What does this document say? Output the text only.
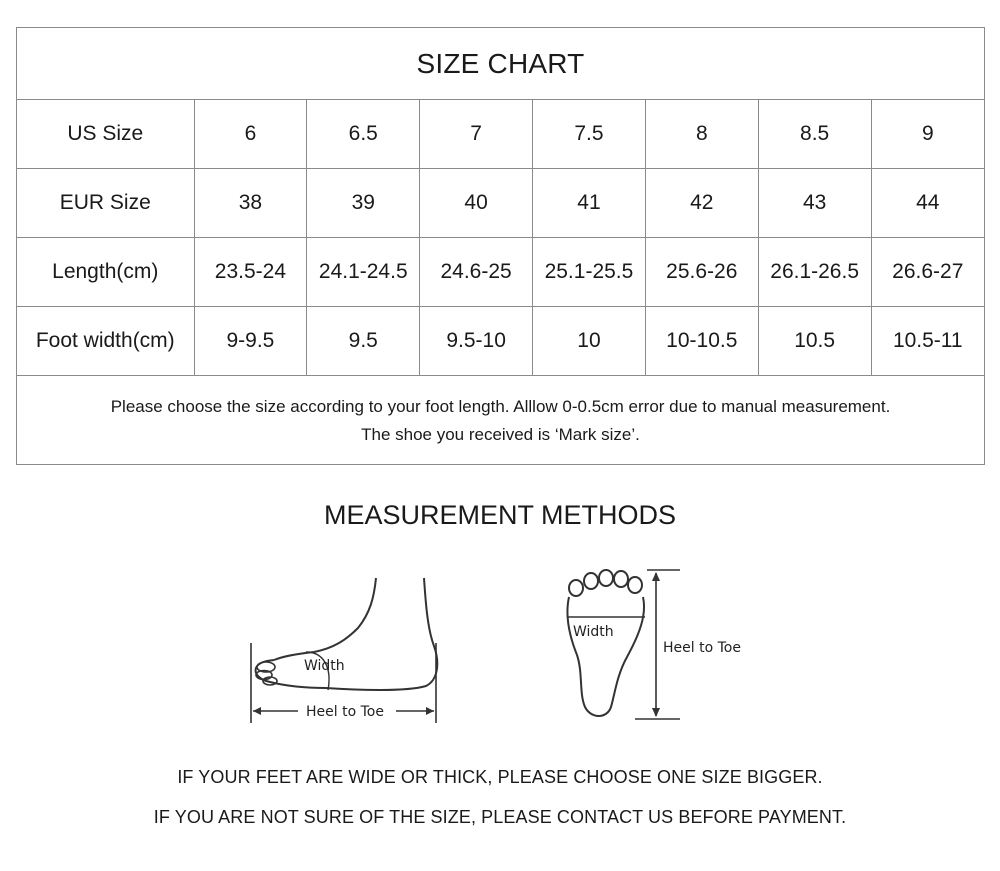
SIZE CHART
US Size	6	6.5	7	7.5	8	8.5	9
EUR Size	38	39	40	41	42	43	44
Length(cm)	23.5-24	24.1-24.5	24.6-25	25.1-25.5	25.6-26	26.1-26.5	26.6-27
Foot width(cm)	9-9.5	9.5	9.5-10	10	10-10.5	10.5	10.5-11
Please choose the size according to your foot length. Alllow 0-0.5cm error due to manual measurement.
The shoe you received is ‘Mark size’.
MEASUREMENT METHODS
Width
Heel to Toe
Width
Heel to Toe
IF YOUR FEET ARE WIDE OR THICK, PLEASE CHOOSE ONE SIZE BIGGER.
IF YOU ARE NOT SURE OF THE SIZE, PLEASE CONTACT US BEFORE PAYMENT.
